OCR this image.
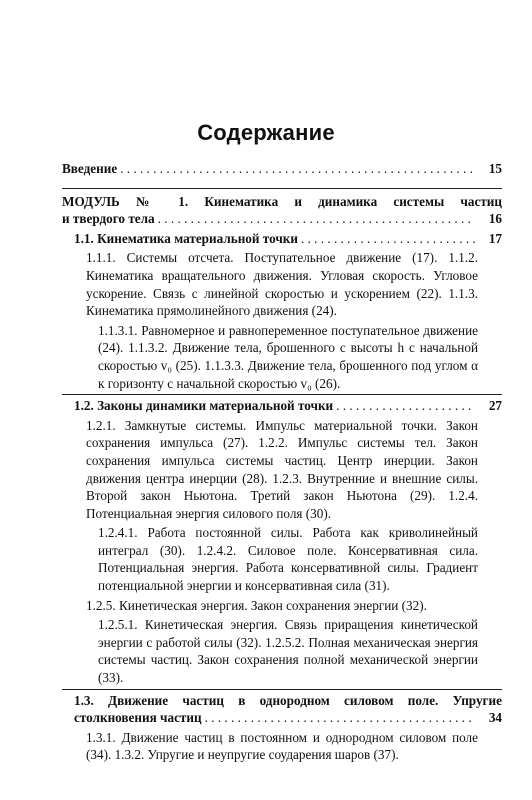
Содержание
Введение . . .	15
МОДУЛЬ № 1. Кинематика и динамика системы частиц
и твердого тела . . .	16
1.1. Кинематика материальной точки . . .	17
1.1.1. Системы отсчета. Поступательное движение (17). 1.1.2. Кинематика вращательного движения. Угловая скорость. Угловое ускорение. Связь с линейной скоростью и ускорением (22). 1.1.3. Кинематика прямолинейного движения (24).
1.1.3.1. Равномерное и равнопеременное поступательное движение (24). 1.1.3.2. Движение тела, брошенного с высоты h с начальной скоростью v₀ (25). 1.1.3.3. Движение тела, брошенного под углом α к горизонту с начальной скоростью v₀ (26).
1.2. Законы динамики материальной точки . . .	27
1.2.1. Замкнутые системы. Импульс материальной точки. Закон сохранения импульса (27). 1.2.2. Импульс системы тел. Закон сохранения импульса системы частиц. Центр инерции. Закон движения центра инерции (28). 1.2.3. Внутренние и внешние силы. Второй закон Ньютона. Третий закон Ньютона (29). 1.2.4. Потенциальная энергия силового поля (30).
1.2.4.1. Работа постоянной силы. Работа как криволинейный интеграл (30). 1.2.4.2. Силовое поле. Консервативная сила. Потенциальная энергия. Работа консервативной силы. Градиент потенциальной энергии и консервативная сила (31).
1.2.5. Кинетическая энергия. Закон сохранения энергии (32).
1.2.5.1. Кинетическая энергия. Связь приращения кинетической энергии с работой силы (32). 1.2.5.2. Полная механическая энергия системы частиц. Закон сохранения полной механической энергии (33).
1.3. Движение частиц в однородном силовом поле. Упругие
столкновения частиц . . .	34
1.3.1. Движение частиц в постоянном и однородном силовом поле (34). 1.3.2. Упругие и неупругие соударения шаров (37).
